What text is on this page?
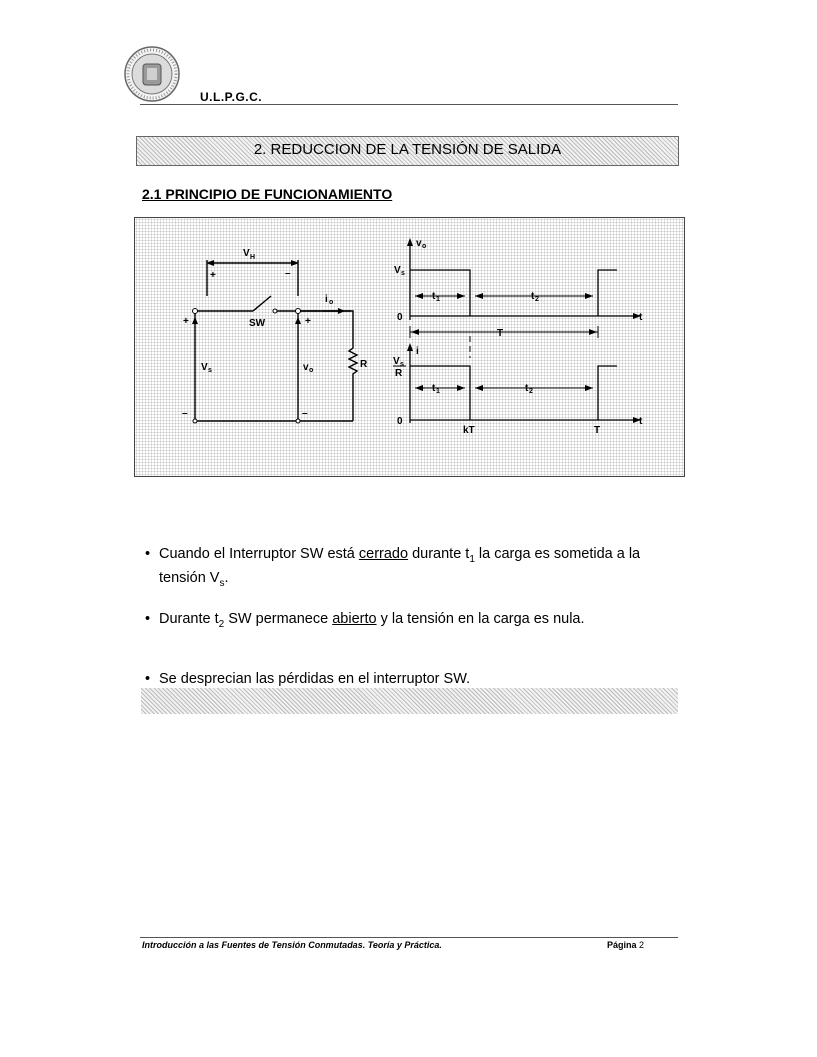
U.L.P.G.C.
2. REDUCCION DE LA TENSIÓN DE SALIDA
2.1 PRINCIPIO DE FUNCIONAMIENTO
V H
+	–
i o
SW
+
–
V s
+
–
v o
R
v o
V s
0
t 1	t 2
T
t
i
V s
R
0
t 1	t 2
kT	T
t
• Cuando el Interruptor SW está cerrado durante $t_1$ la carga es sometida a la tensión $V_s$.
• Durante $t_2$ SW permanece abierto y la tensión en la carga es nula.
• Se desprecian las pérdidas en el interruptor SW.
Introducción a las Fuentes de Tensión Conmutadas. Teoría y Práctica.	Página 2
